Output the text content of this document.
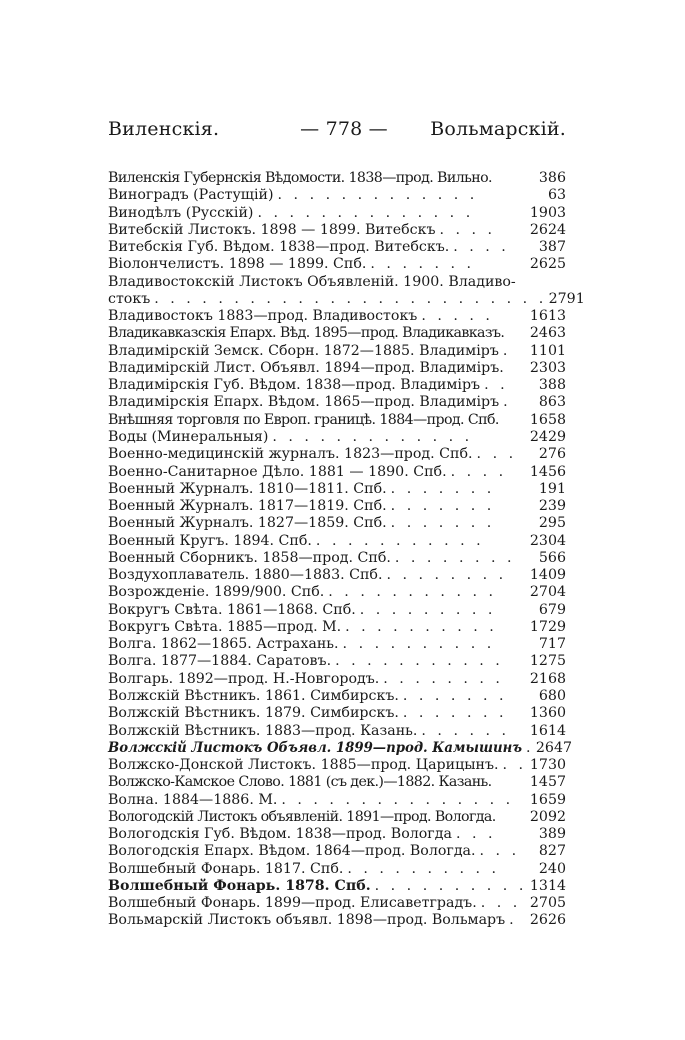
Виленскія.	— 778 —	Вольмарскій.
Виленскія Губернскія Вѣдомости. 1838—прод. Вильно.	386
Виноградъ (Растущій) . . . . . . . . . . . . .	63
Винодѣлъ (Русскій) . . . . . . . . . . . . . .	1903
Витебскій Листокъ. 1898 — 1899. Витебскъ . . . .	2624
Витебскія Губ. Вѣдом. 1838—прод. Витебскъ. . . . .	387
Віолончелистъ. 1898 — 1899. Спб. . . . . . . .	2625
Владивостокскій Листокъ Объявленій. 1900. Владиво-
стокъ . . . . . . . . . . . . . . . . . . . . . . . . . 2791
Владивостокъ 1883—прод. Владивостокъ . . . . .	1613
Владикавказскія Епарх. Вѣд. 1895—прод. Владикавказъ. 2463
Владимірскій Земск. Сборн. 1872—1885. Владиміръ .	1101
Владимірскій Лист. Объявл. 1894—прод. Владиміръ. 2303
Владимірскія Губ. Вѣдом. 1838—прод. Владиміръ . .	388
Владимірскія Епарх. Вѣдом. 1865—прод. Владиміръ .	863
Внѣшняя торговля по Европ. границѣ. 1884—прод. Спб. 1658
Воды (Минеральныя) . . . . . . . . . . . . .	2429
Военно-медицинскій журналъ. 1823—прод. Спб. . . .	276
Военно-Санитарное Дѣло. 1881 — 1890. Спб. . . . .	1456
Военный Журналъ. 1810—1811. Спб. . . . . . . .	191
Военный Журналъ. 1817—1819. Спб. . . . . . . .	239
Военный Журналъ. 1827—1859. Спб. . . . . . . .	295
Военный Кругъ. 1894. Спб. . . . . . . . . . . .	2304
Военный Сборникъ. 1858—прод. Спб. . . . . . . . .	566
Воздухоплаватель. 1880—1883. Спб. . . . . . . . .	1409
Возрожденіе. 1899/900. Спб. . . . . . . . . . . .	2704
Вокругъ Свѣта. 1861—1868. Спб. . . . . . . . . .	679
Вокругъ Свѣта. 1885—прод. М. . . . . . . . . . .	1729
Волга. 1862—1865. Астрахань. . . . . . . . . . .	717
Волга. 1877—1884. Саратовъ. . . . . . . . . . . .	1275
Волгарь. 1892—прод. Н.-Новгородъ. . . . . . . . .	2168
Волжскій Вѣстникъ. 1861. Симбирскъ. . . . . . . .	680
Волжскій Вѣстникъ. 1879. Симбирскъ. . . . . . . .	1360
Волжскій Вѣстникъ. 1883—прод. Казань. . . . . . .	1614
Волжскій Листокъ Объявл. 1899—прод. Камышинъ . 2647
Волжско-Донской Листокъ. 1885—прод. Царицынъ. . . 1730
Волжско-Камское Слово. 1881 (съ дек.)—1882. Казань.	1457
Волна. 1884—1886. М. . . . . . . . . . . . . . . .	1659
Вологодскій Листокъ объявленій. 1891—прод. Вологда. 2092
Вологодскія Губ. Вѣдом. 1838—прод. Вологда . . .	389
Вологодскія Епарх. Вѣдом. 1864—прод. Вологда. . . .	827
Волшебный Фонарь. 1817. Спб. . . . . . . . . . .	240
Волшебный Фонарь. 1878. Спб. . . . . . . . . . . 1314
Волшебный Фонарь. 1899—прод. Елисаветградъ. . . . 2705
Вольмарскій Листокъ объявл. 1898—прод. Вольмаръ . 2626
